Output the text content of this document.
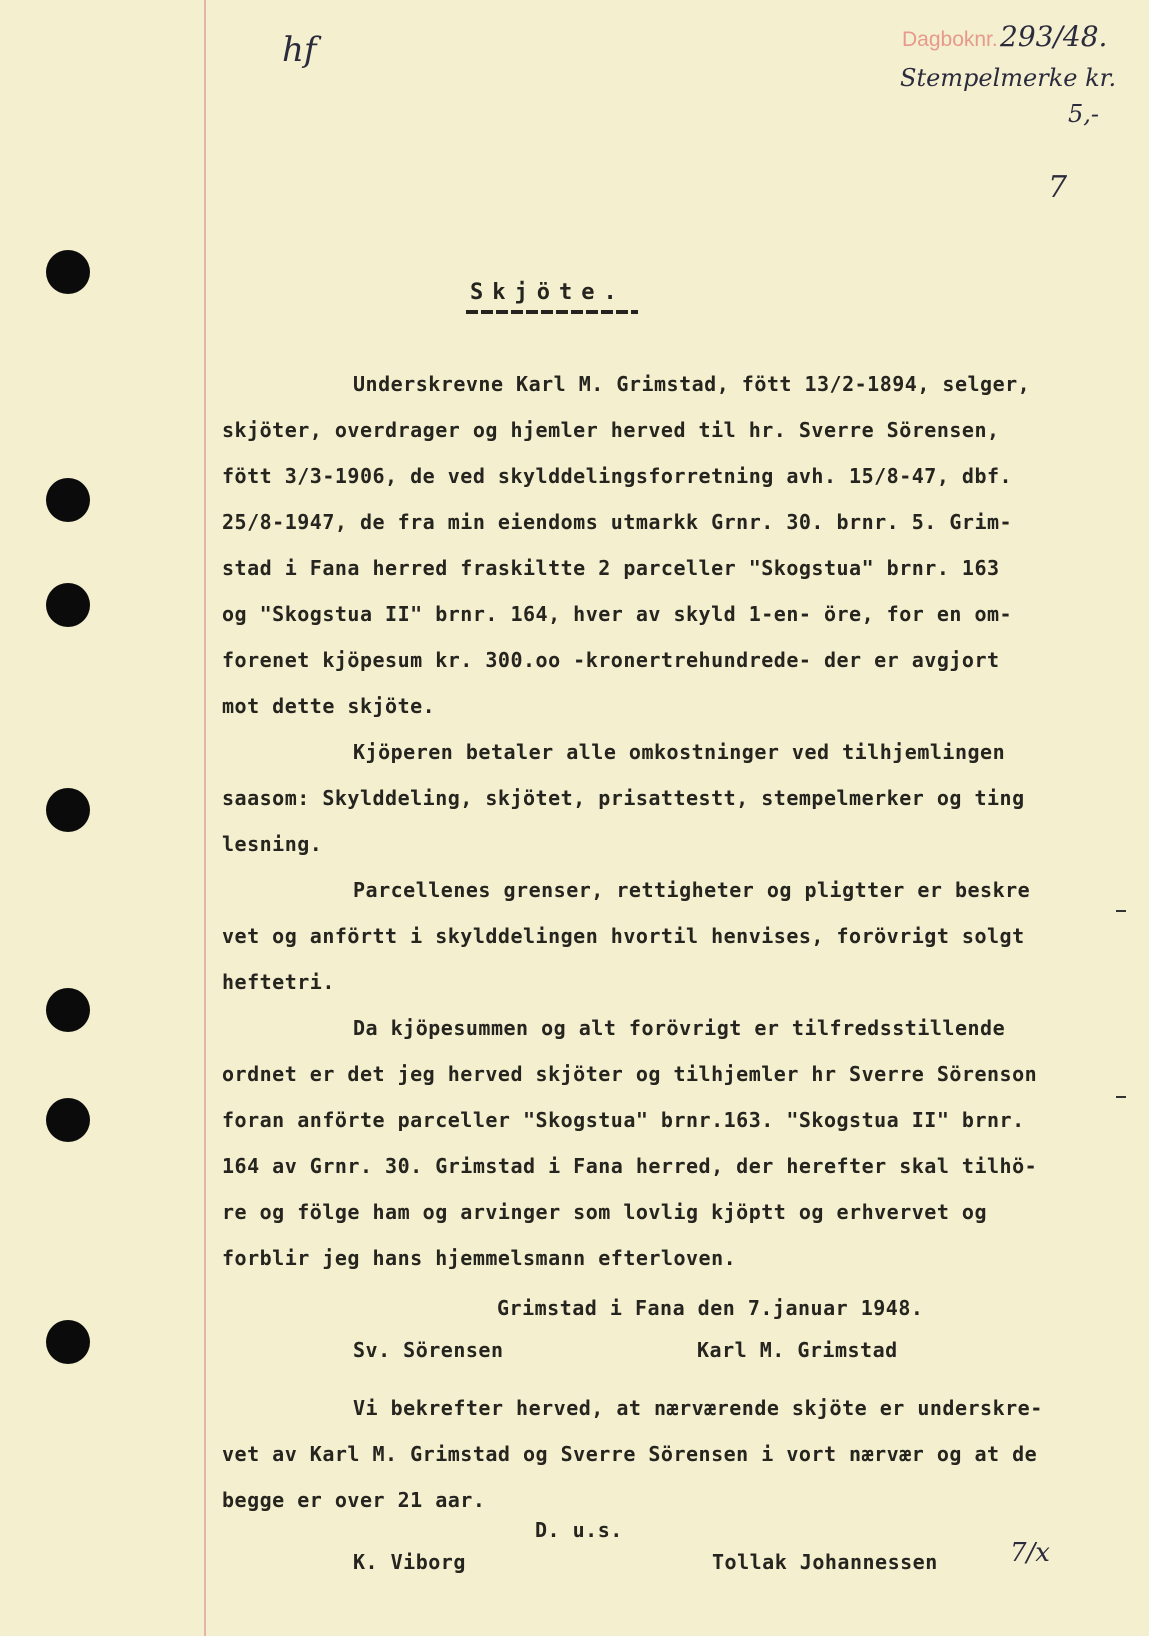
hf	Dagboknr. 293/48.
Stempelmerke kr.
5,-
7
Skjöte.
Underskrevne Karl M. Grimstad, fött 13/2-1894, selger,
skjöter, overdrager og hjemler herved til hr. Sverre Sörensen,
fött 3/3-1906, de ved skylddelingsforretning avh. 15/8-47, dbf.
25/8-1947, de fra min eiendoms utmarkk Grnr. 30. brnr. 5. Grim-
stad i Fana herred fraskiltte 2 parceller "Skogstua" brnr. 163
og "Skogstua II" brnr. 164, hver av skyld 1-en- öre, for en om-
forenet kjöpesum kr. 300.oo -kronertrehundrede- der er avgjort
mot dette skjöte.
Kjöperen betaler alle omkostninger ved tilhjemlingen
saasom: Skylddeling, skjötet, prisattestt, stempelmerker og ting
lesning.
Parcellenes grenser, rettigheter og pligtter er beskre
vet og anförtt i skylddelingen hvortil henvises, forövrigt solgt
heftetri.
Da kjöpesummen og alt forövrigt er tilfredsstillende
ordnet er det jeg herved skjöter og tilhjemler hr Sverre Sörenson
foran anförte parceller "Skogstua" brnr.163. "Skogstua II" brnr.
164 av Grnr. 30. Grimstad i Fana herred, der herefter skal tilhö-
re og fölge ham og arvinger som lovlig kjöptt og erhvervet og
forblir jeg hans hjemmelsmann efterloven.
Grimstad i Fana den 7.januar 1948.
Sv. Sörensen	Karl M. Grimstad
Vi bekrefter herved, at nærværende skjöte er underskre-
vet av Karl M. Grimstad og Sverre Sörensen i vort nærvær og at de
begge er over 21 aar.
D. u.s.
K. Viborg	Tollak Johannessen	7/x
